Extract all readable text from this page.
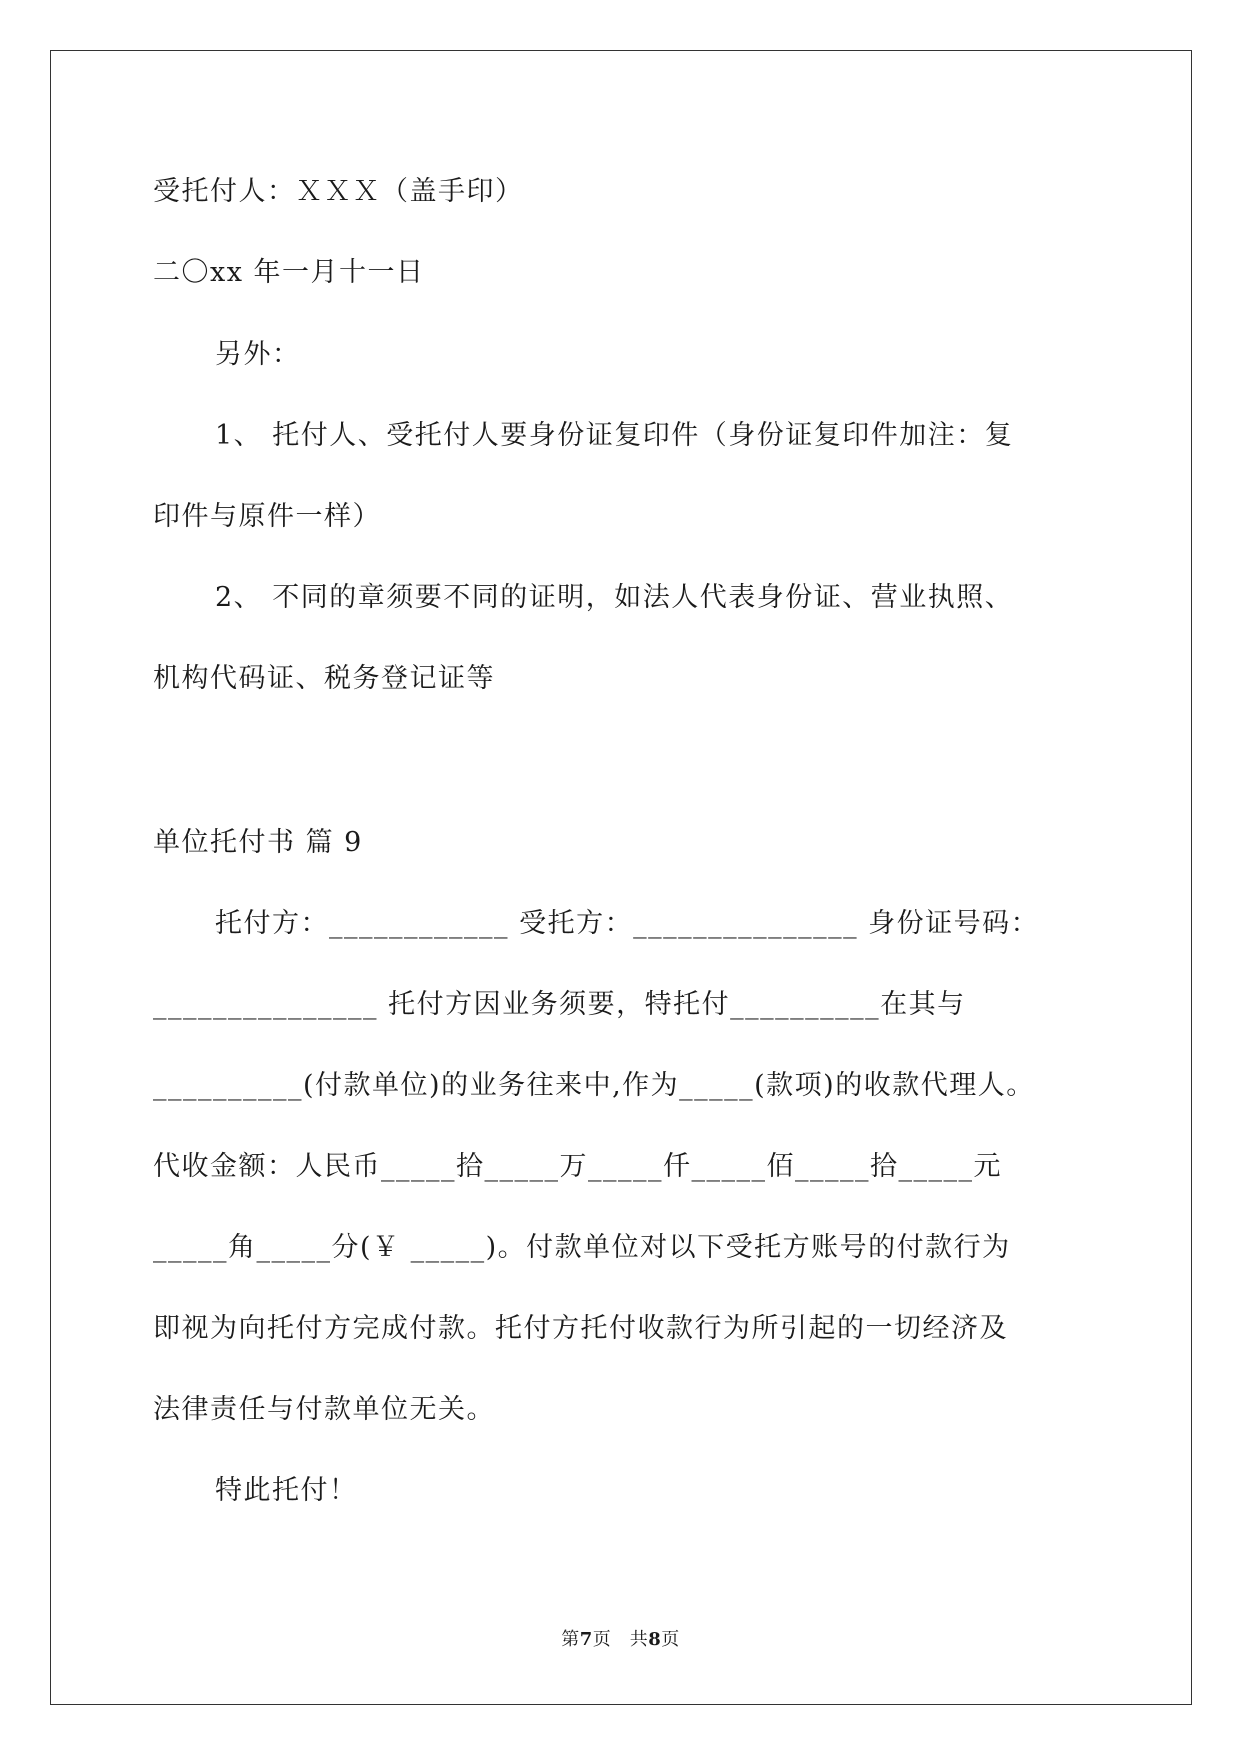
受托付人：ＸＸＸ（盖手印）
二〇xx 年一月十一日
另外：
1、 托付人、受托付人要身份证复印件（身份证复印件加注：复
印件与原件一样）
2、 不同的章须要不同的证明，如法人代表身份证、营业执照、
机构代码证、税务登记证等
单位托付书 篇 9
托付方：____________ 受托方：_______________ 身份证号码：
_______________ 托付方因业务须要，特托付__________在其与
__________(付款单位)的业务往来中,作为_____(款项)的收款代理人。
代收金额：人民币_____拾_____万_____仟_____佰_____拾_____元
_____角_____分(￥ _____)。付款单位对以下受托方账号的付款行为
即视为向托付方完成付款。托付方托付收款行为所引起的一切经济及
法律责任与付款单位无关。
特此托付！
第7页　共8页
